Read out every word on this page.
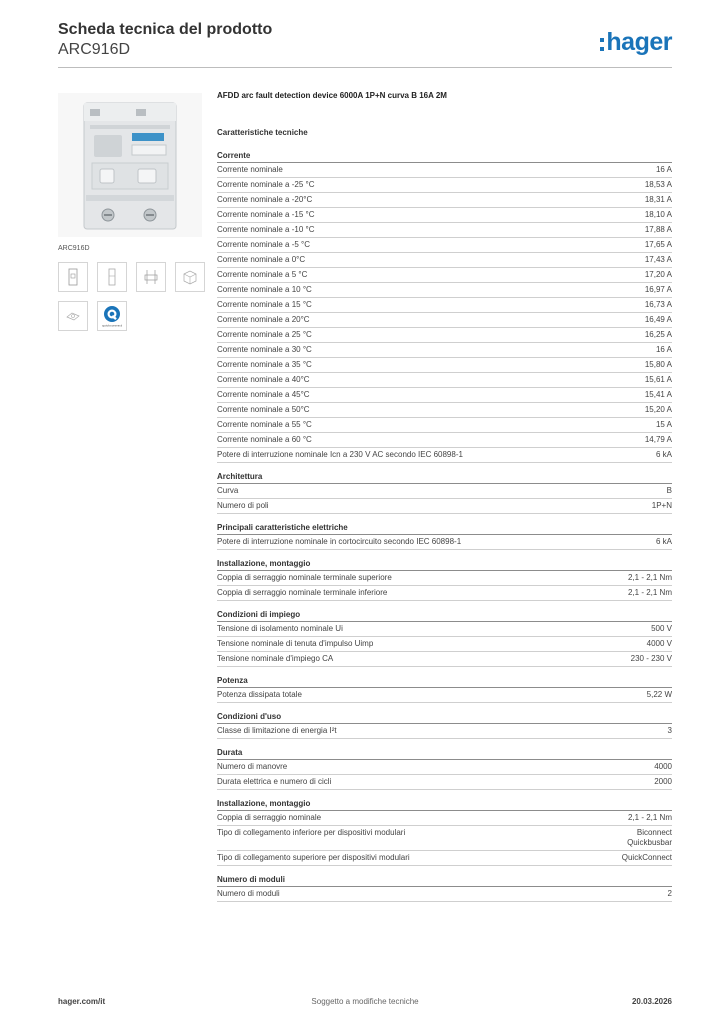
Scheda tecnica del prodotto
ARC916D	hager
ARC916D
quickconnect
AFDD arc fault detection device 6000A 1P+N curva B 16A 2M
Caratteristiche tecniche
Corrente
Corrente nominale	16 A
Corrente nominale a -25 °C	18,53 A
Corrente nominale a -20°C	18,31 A
Corrente nominale a -15 °C	18,10 A
Corrente nominale a -10 °C	17,88 A
Corrente nominale a -5 °C	17,65 A
Corrente nominale a 0°C	17,43 A
Corrente nominale a 5 °C	17,20 A
Corrente nominale a 10 °C	16,97 A
Corrente nominale a 15 °C	16,73 A
Corrente nominale a 20°C	16,49 A
Corrente nominale a 25 °C	16,25 A
Corrente nominale a 30 °C	16 A
Corrente nominale a 35 °C	15,80 A
Corrente nominale a 40°C	15,61 A
Corrente nominale a 45°C	15,41 A
Corrente nominale a 50°C	15,20 A
Corrente nominale a 55 °C	15 A
Corrente nominale a 60 °C	14,79 A
Potere di interruzione nominale Icn a 230 V AC secondo IEC 60898-1	6 kA
Architettura
Curva	B
Numero di poli	1P+N
Principali caratteristiche elettriche
Potere di interruzione nominale in cortocircuito secondo IEC 60898-1	6 kA
Installazione, montaggio
Coppia di serraggio nominale terminale superiore	2,1 - 2,1 Nm
Coppia di serraggio nominale terminale inferiore	2,1 - 2,1 Nm
Condizioni di impiego
Tensione di isolamento nominale Ui	500 V
Tensione nominale di tenuta d'impulso Uimp	4000 V
Tensione nominale d'impiego CA	230 - 230 V
Potenza
Potenza dissipata totale	5,22 W
Condizioni d'uso
Classe di limitazione di energia I²t	3
Durata
Numero di manovre	4000
Durata elettrica e numero di cicli	2000
Installazione, montaggio
Coppia di serraggio nominale	2,1 - 2,1 Nm
Tipo di collegamento inferiore per dispositivi modulari	Biconnect
Quickbusbar
Tipo di collegamento superiore per dispositivi modulari	QuickConnect
Numero di moduli
Numero di moduli	2
hager.com/it	Soggetto a modifiche tecniche	20.03.2026
